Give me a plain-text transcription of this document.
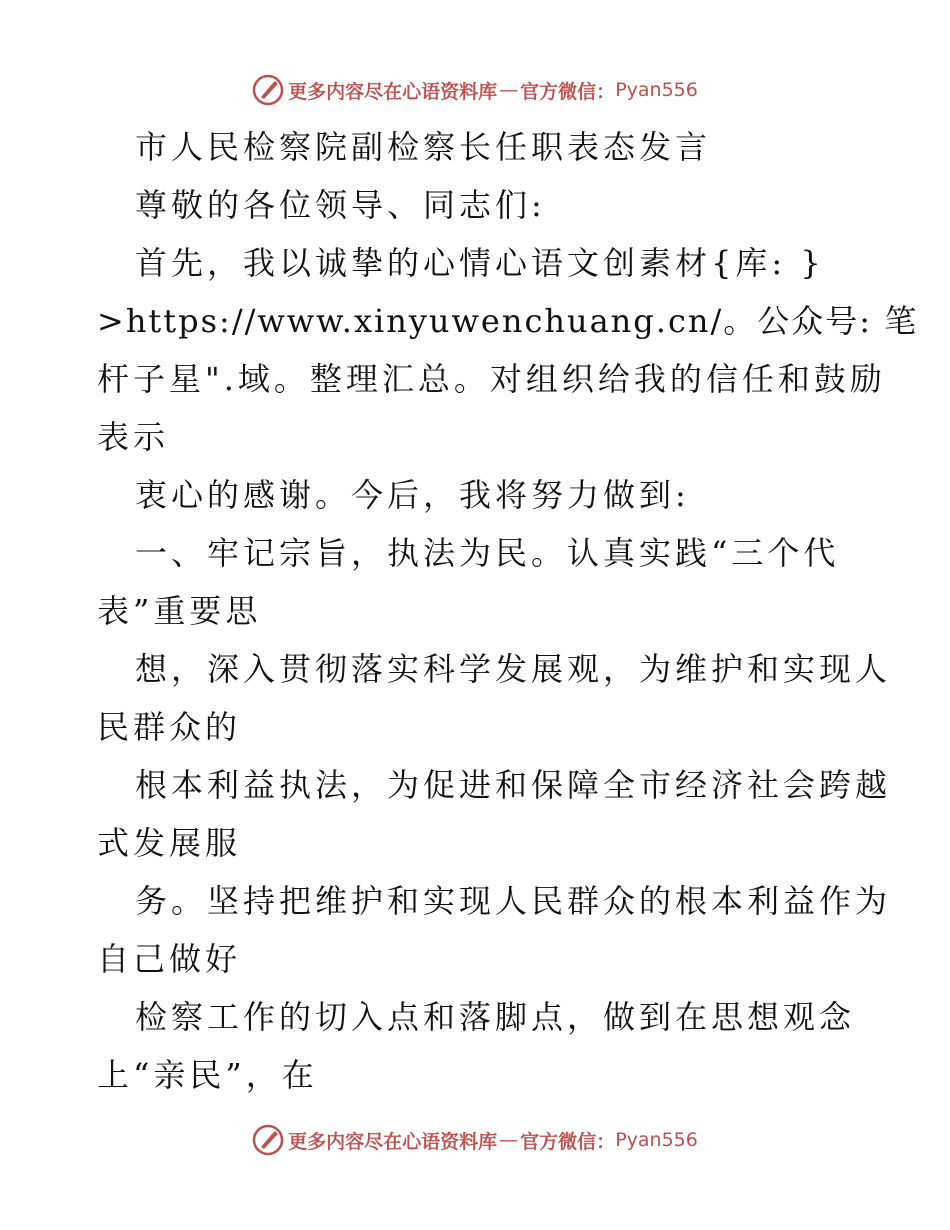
更多内容尽在心语资料库 — 官方微信： Pyan556
市人民检察院副检察长任职表态发言
尊敬的各位领导、同志们:
首先，我以诚挚的心情心语文创素材{库: }
>https://www.xinyuwenchuang.cn/。公众号: 笔
杆子星".域。整理汇总。对组织给我的信任和鼓励
表示
衷心的感谢。今后，我将努力做到:
一、牢记宗旨，执法为民。认真实践“三个代
表”重要思
想，深入贯彻落实科学发展观，为维护和实现人
民群众的
根本利益执法，为促进和保障全市经济社会跨越
式发展服
务。坚持把维护和实现人民群众的根本利益作为
自己做好
检察工作的切入点和落脚点，做到在思想观念
上“亲民”，在
更多内容尽在心语资料库 — 官方微信： Pyan556
